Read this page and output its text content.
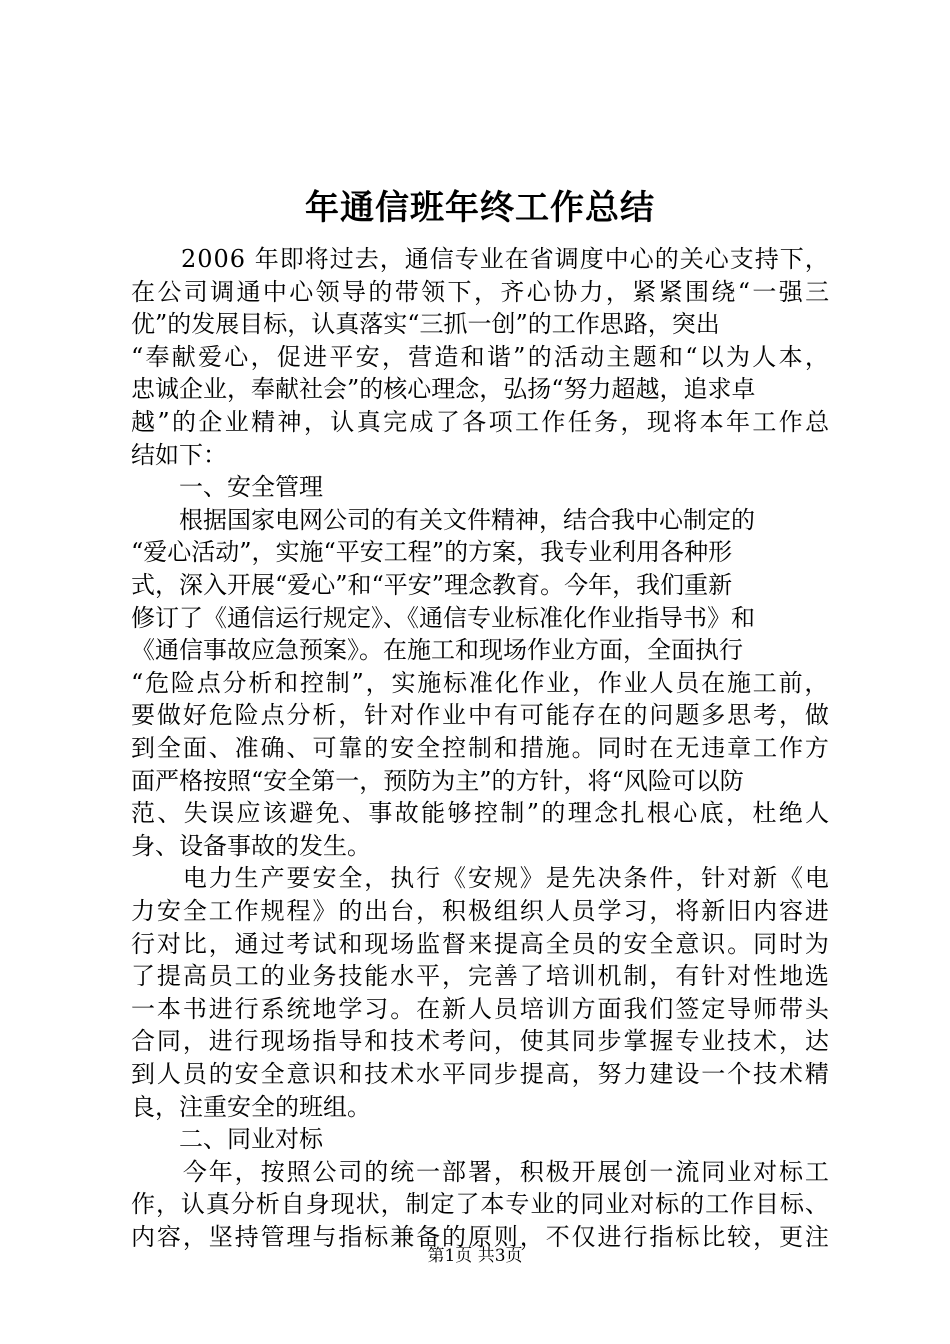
年通信班年终工作总结
　　2006 年即将过去，通信专业在省调度中心的关心支持下，
在公司调通中心领导的带领下，齐心协力，紧紧围绕“一强三
优”的发展目标，认真落实“三抓一创”的工作思路，突出
“奉献爱心，促进平安，营造和谐”的活动主题和“以为人本，
忠诚企业，奉献社会”的核心理念，弘扬“努力超越，追求卓
越”的企业精神，认真完成了各项工作任务，现将本年工作总
结如下：
　　一、安全管理
　　根据国家电网公司的有关文件精神，结合我中心制定的
“爱心活动”，实施“平安工程”的方案，我专业利用各种形
式，深入开展“爱心”和“平安”理念教育。今年，我们重新
修订了《通信运行规定》、《通信专业标准化作业指导书》和
《通信事故应急预案》。在施工和现场作业方面，全面执行
“危险点分析和控制”，实施标准化作业，作业人员在施工前，
要做好危险点分析，针对作业中有可能存在的问题多思考，做
到全面、准确、可靠的安全控制和措施。同时在无违章工作方
面严格按照“安全第一，预防为主”的方针，将“风险可以防
范、失误应该避免、事故能够控制”的理念扎根心底，杜绝人
身、设备事故的发生。
　　电力生产要安全，执行《安规》是先决条件，针对新《电
力安全工作规程》的出台，积极组织人员学习，将新旧内容进
行对比，通过考试和现场监督来提高全员的安全意识。同时为
了提高员工的业务技能水平，完善了培训机制，有针对性地选
一本书进行系统地学习。在新人员培训方面我们签定导师带头
合同，进行现场指导和技术考问，使其同步掌握专业技术，达
到人员的安全意识和技术水平同步提高，努力建设一个技术精
良，注重安全的班组。
　　二、同业对标
　　今年，按照公司的统一部署，积极开展创一流同业对标工
作，认真分析自身现状，制定了本专业的同业对标的工作目标、
内容，坚持管理与指标兼备的原则，不仅进行指标比较，更注
第1页 共3页
